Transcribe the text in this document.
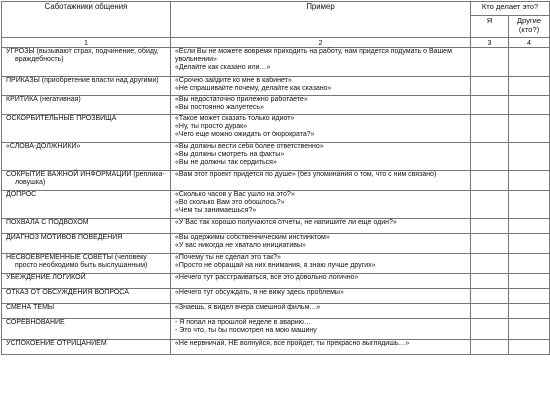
Саботажники общения	Пример	Кто делает это?	
		Я	Другие (кто?)
1	2	3	4
УГРОЗЫ (вызывают страх, подчинение, обиду, враждебность)	«Если Вы не можете вовремя приходить на работу, нам придется подумать о Вашем увольнении»
«Делайте как сказано или…»		

ПРИКАЗЫ (приобретение власти над другими)	«Срочно зайдите ко мне в кабинет»
«Не спрашивайте почему, делайте как сказано»		

КРИТИКА (негативная)	«Вы недостаточно прилежно работаете»
«Вы постоянно жалуетесь»		

ОСКОРБИТЕЛЬНЫЕ ПРОЗВИЩА	«Такое может сказать только идиот»
«Ну, ты просто дурак»
«Чего еще можно ожидать от бюрократа?»		

«СЛОВА-ДОЛЖНИКИ»	«Вы должны вести себя более ответственно»
«Вы должны смотреть на факты»
«Вы не должны так сердиться»		

СОКРЫТИЕ ВАЖНОЙ ИНФОРМАЦИИ (реплика-ловушка)	«Вам этот проект придется по душе» (без упоминания о том, что с ним связано)		

ДОПРОС	«Сколько часов у Вас ушло на это?»
«Во сколько Вам это обошлось?»
«Чем ты занимаешься?»		

ПОХВАЛА С ПОДВОХОМ	«У Вас так хорошо получаются отчеты, не напишите ли еще один?»		

ДИАГНОЗ МОТИВОВ ПОВЕДЕНИЯ	«Вы одержимы собственническим инстинктом»
«У вас никогда не хватало инициативы»		

НЕСВОЕВРЕМЕННЫЕ СОВЕТЫ (человеку просто необходимо быть выслушанным)	«Почему ты не сделал это так?»
«Просто не обращай на них внимания, я знаю лучше других»		

УБЕЖДЕНИЕ ЛОГИКОЙ	«Нечего тут расстраиваться, все это довольно логично»		

ОТКАЗ ОТ ОБСУЖДЕНИЯ ВОПРОСА	«Нечего тут обсуждать, я не вижу здесь проблемы»		

СМЕНА ТЕМЫ	«Знаешь, я видел вчера смешной фильм…»		

СОРЕВНОВАНИЕ	- Я попал на прошлой неделе в аварию…
- Это что, ты бы посмотрел на мою машину		

УСПОКОЕНИЕ ОТРИЦАНИЕМ	«Не нервничай, НЕ волнуйся, все пройдет, ты прекрасно выглядишь…»		
